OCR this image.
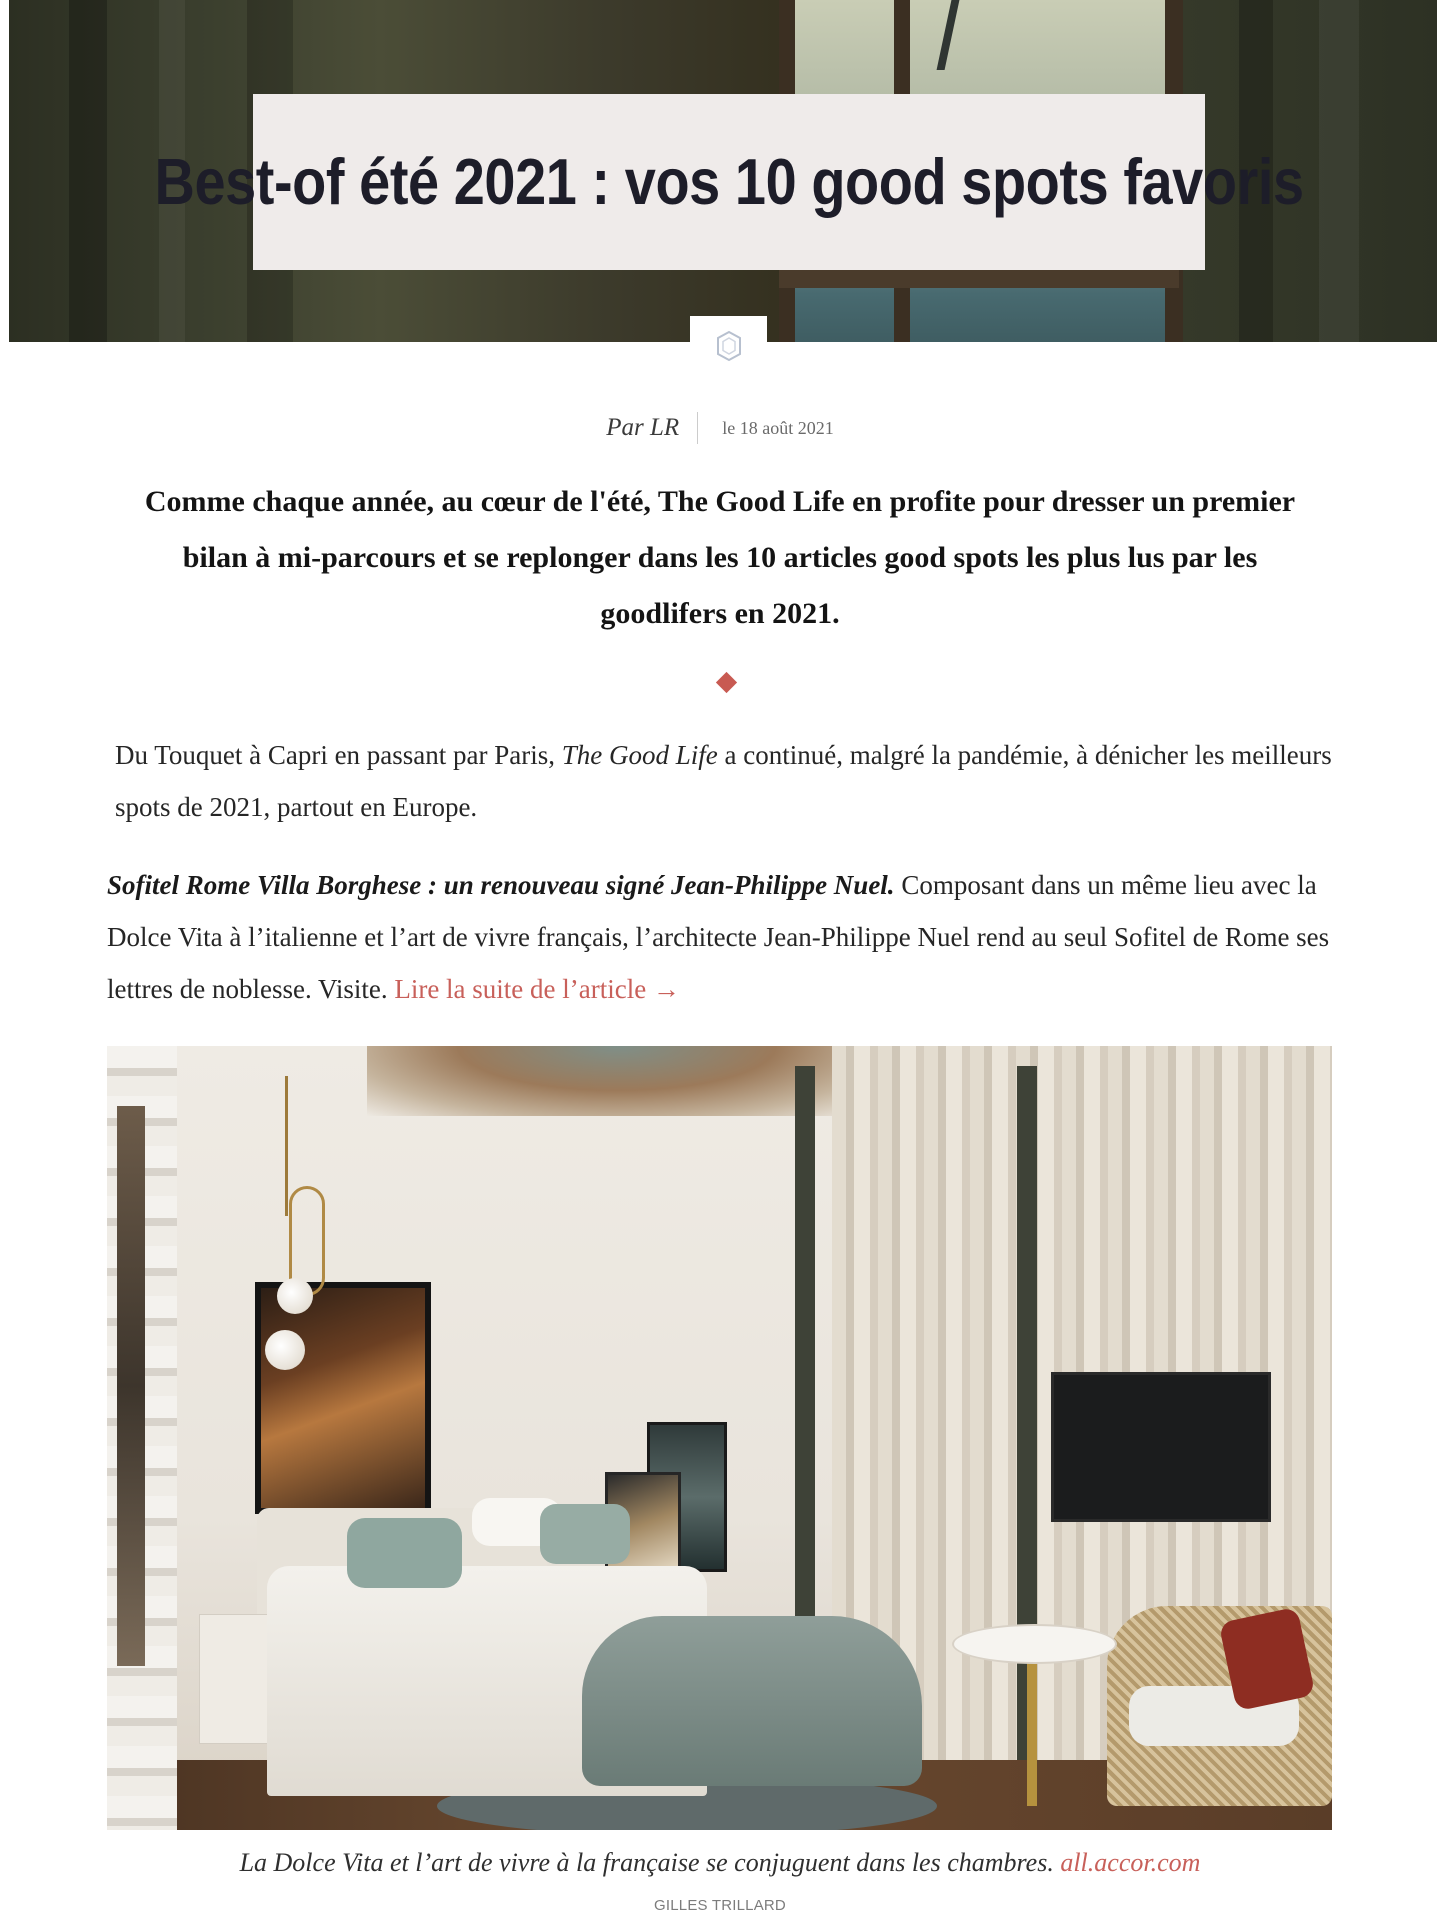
Best-of été 2021 : vos 10 good spots favoris
Par LR	le 18 août 2021

Comme chaque année, au cœur de l'été, The Good Life en profite pour dresser un premier bilan à mi-parcours et se replonger dans les 10 articles good spots les plus lus par les goodlifers en 2021.

Du Touquet à Capri en passant par Paris, The Good Life a continué, malgré la pandémie, à dénicher les meilleurs spots de 2021, partout en Europe.

Sofitel Rome Villa Borghese : un renouveau signé Jean-Philippe Nuel. Composant dans un même lieu avec la Dolce Vita à l’italienne et l’art de vivre français, l’architecte Jean-Philippe Nuel rend au seul Sofitel de Rome ses lettres de noblesse. Visite. Lire la suite de l’article →

La Dolce Vita et l’art de vivre à la française se conjuguent dans les chambres. all.accor.com

GILLES TRILLARD
